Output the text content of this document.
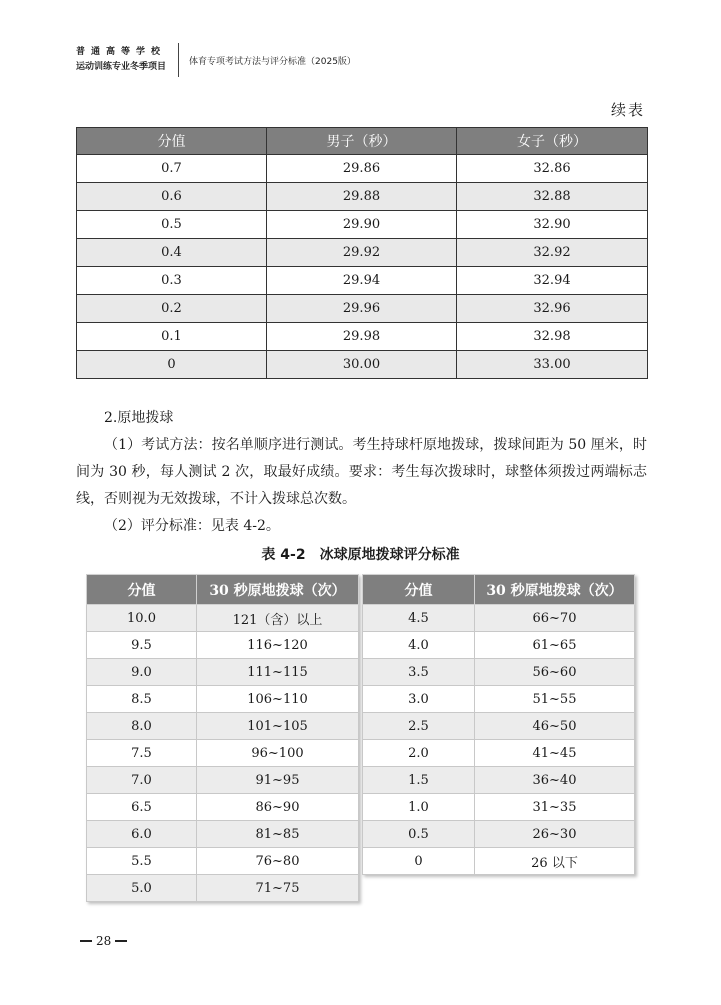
普通高等学校
运动训练专业冬季项目
体育专项考试方法与评分标准（2025版）
续表
分值	男子（秒）	女子（秒）
0.7	29.86	32.86
0.6	29.88	32.88
0.5	29.90	32.90
0.4	29.92	32.92
0.3	29.94	32.94
0.2	29.96	32.96
0.1	29.98	32.98
0	30.00	33.00
2.原地拨球
（1）考试方法：按名单顺序进行测试。考生持球杆原地拨球，拨球间距为 50 厘米，时间为 30 秒，每人测试 2 次，取最好成绩。要求：考生每次拨球时，球整体须拨过两端标志线，否则视为无效拨球，不计入拨球总次数。
（2）评分标准：见表 4-2。
表 4-2　冰球原地拨球评分标准
分值	30 秒原地拨球（次）
10.0	121（含）以上
9.5	116~120
9.0	111~115
8.5	106~110
8.0	101~105
7.5	96~100
7.0	91~95
6.5	86~90
6.0	81~85
5.5	76~80
5.0	71~75
分值	30 秒原地拨球（次）
4.5	66~70
4.0	61~65
3.5	56~60
3.0	51~55
2.5	46~50
2.0	41~45
1.5	36~40
1.0	31~35
0.5	26~30
0	26 以下
28
